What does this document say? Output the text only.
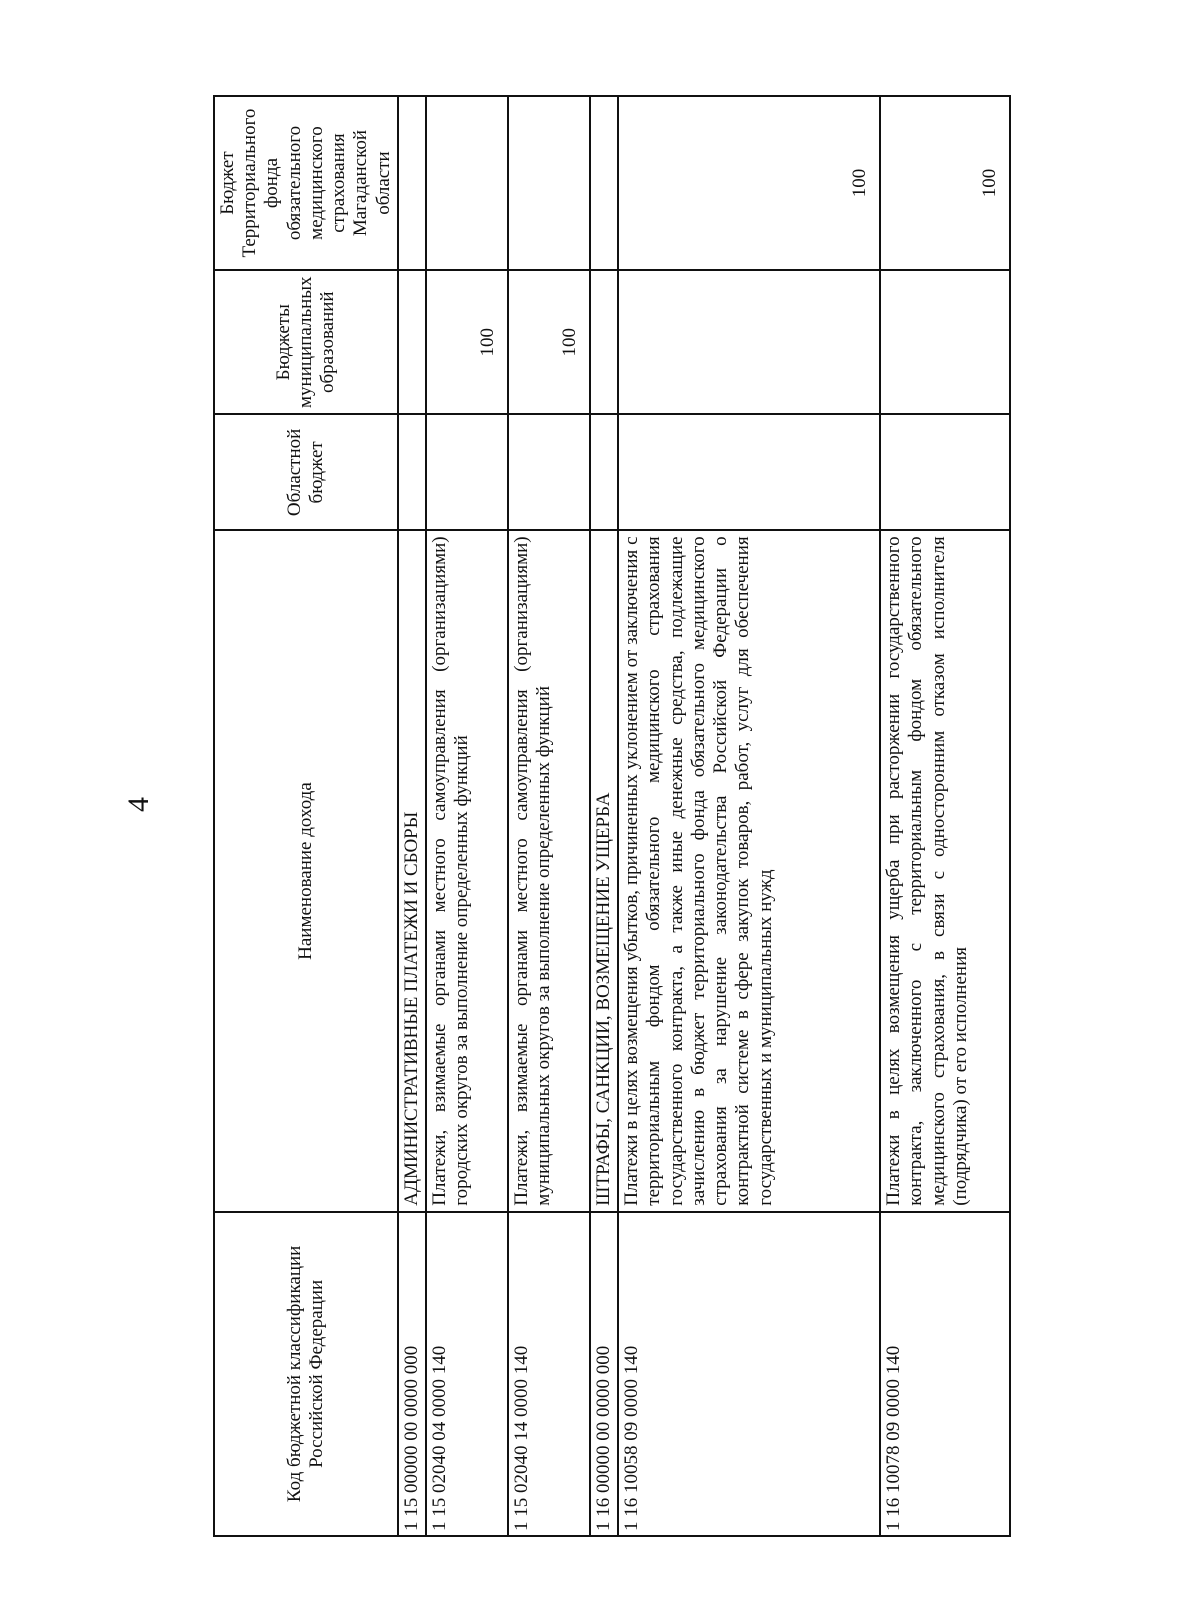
4
Код бюджетной классификации Российской Федерации	Наименование дохода	Областной бюджет	Бюджеты муниципальных образований	Бюджет Территориального фонда обязательного медицинского страхования Магаданской области
1 15 00000 00 0000 000	АДМИНИСТРАТИВНЫЕ ПЛАТЕЖИ И СБОРЫ			
1 15 02040 04 0000 140	Платежи, взимаемые органами местного самоуправления (организациями) городских округов за выполнение определенных функций		100	
1 15 02040 14 0000 140	Платежи, взимаемые органами местного самоуправления (организациями) муниципальных округов за выполнение определенных функций		100	
1 16 00000 00 0000 000	ШТРАФЫ, САНКЦИИ, ВОЗМЕЩЕНИЕ УЩЕРБА			
1 16 10058 09 0000 140	Платежи в целях возмещения убытков, причиненных уклонением от заключения с территориальным фондом обязательного медицинского страхования государственного контракта, а также иные денежные средства, подлежащие зачислению в бюджет территориального фонда обязательного медицинского страхования за нарушение законодательства Российской Федерации о контрактной системе в сфере закупок товаров, работ, услуг для обеспечения государственных и муниципальных нужд			100
1 16 10078 09 0000 140	Платежи в целях возмещения ущерба при расторжении государственного контракта, заключенного с территориальным фондом обязательного медицинского страхования, в связи с односторонним отказом исполнителя (подрядчика) от его исполнения			100
